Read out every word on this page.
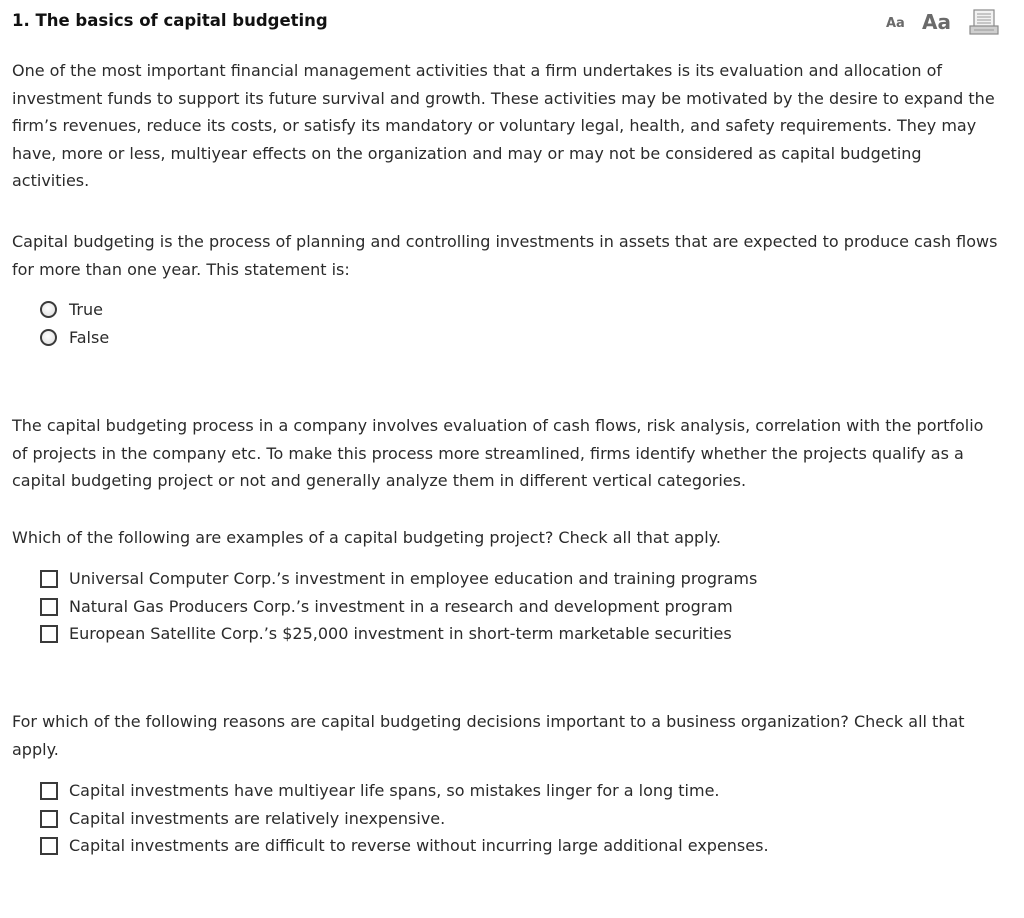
1. The basics of capital budgeting	Aa Aa

One of the most important financial management activities that a firm undertakes is its evaluation and allocation of investment funds to support its future survival and growth. These activities may be motivated by the desire to expand the firm’s revenues, reduce its costs, or satisfy its mandatory or voluntary legal, health, and safety requirements. They may have, more or less, multiyear effects on the organization and may or may not be considered as capital budgeting activities.

Capital budgeting is the process of planning and controlling investments in assets that are expected to produce cash flows for more than one year. This statement is:

True
False

The capital budgeting process in a company involves evaluation of cash flows, risk analysis, correlation with the portfolio of projects in the company etc. To make this process more streamlined, firms identify whether the projects qualify as a capital budgeting project or not and generally analyze them in different vertical categories.

Which of the following are examples of a capital budgeting project? Check all that apply.

Universal Computer Corp.’s investment in employee education and training programs
Natural Gas Producers Corp.’s investment in a research and development program
European Satellite Corp.’s $25,000 investment in short-term marketable securities

For which of the following reasons are capital budgeting decisions important to a business organization? Check all that apply.

Capital investments have multiyear life spans, so mistakes linger for a long time.
Capital investments are relatively inexpensive.
Capital investments are difficult to reverse without incurring large additional expenses.
